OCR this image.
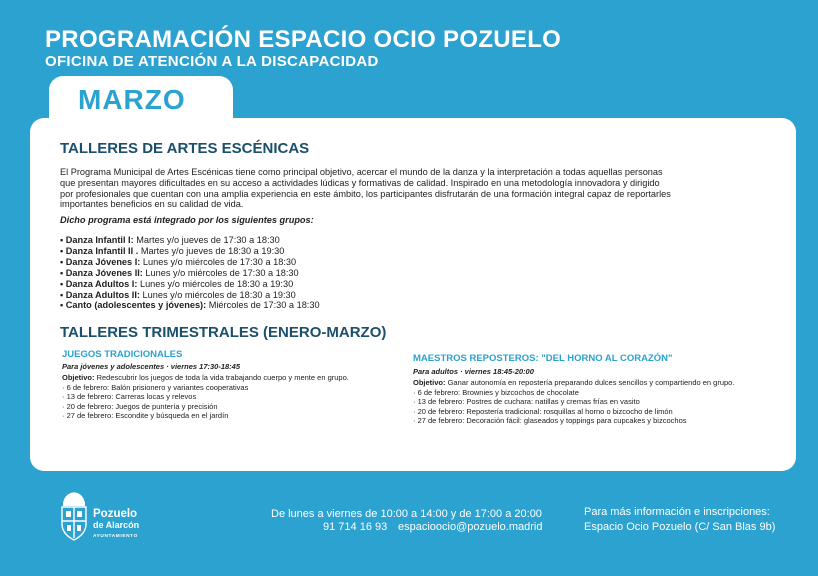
PROGRAMACIÓN ESPACIO OCIO POZUELO
OFICINA DE ATENCIÓN A LA DISCAPACIDAD
TALLERES DE ARTES ESCÉNICAS
El Programa Municipal de Artes Escénicas tiene como principal objetivo, acercar el mundo de la danza y la interpretación a todas aquellas personas
que presentan mayores dificultades en su acceso a actividades lúdicas y formativas de calidad. Inspirado en una metodología innovadora y dirigido
por profesionales que cuentan con una amplia experiencia en este ámbito, los participantes disfrutarán de una formación integral capaz de reportarles
importantes beneficios en su calidad de vida.
Dicho programa está integrado por los siguientes grupos:
• Danza Infantil I: Martes y/o jueves de 17:30 a 18:30
• Danza Infantil II . Martes y/o jueves de 18:30 a 19:30
• Danza Jóvenes I: Lunes y/o miércoles de 17:30 a 18:30
• Danza Jóvenes II: Lunes y/o miércoles de 17:30 a 18:30
• Danza Adultos I: Lunes y/o miércoles de 18:30 a 19:30
• Danza Adultos II: Lunes y/o miércoles de 18:30 a 19:30
• Canto (adolescentes y jóvenes): Miércoles de 17:30 a 18:30
TALLERES TRIMESTRALES (ENERO-MARZO)
JUEGOS TRADICIONALES
Para jóvenes y adolescentes · viernes 17:30-18:45
Objetivo: Redescubrir los juegos de toda la vida trabajando cuerpo y mente en grupo.
· 6 de febrero: Balón prisionero y variantes cooperativas
· 13 de febrero: Carreras locas y relevos
· 20 de febrero: Juegos de puntería y precisión
· 27 de febrero: Escondite y búsqueda en el jardín
MAESTROS REPOSTEROS: "DEL HORNO AL CORAZÓN"
Para adultos · viernes 18:45-20:00
Objetivo: Ganar autonomía en repostería preparando dulces sencillos y compartiendo en grupo.
· 6 de febrero: Brownies y bizcochos de chocolate
· 13 de febrero: Postres de cuchara: natillas y cremas frías en vasito
· 20 de febrero: Repostería tradicional: rosquillas al horno o bizcocho de limón
· 27 de febrero: Decoración fácil: glaseados y toppings para cupcakes y bizcochos
MARZO
Pozuelo
de Alarcón
AYUNTAMIENTO
De lunes a viernes de 10:00 a 14:00 y de 17:00 a 20:00
91 714 16 93 espacioocio@pozuelo.madrid
Para más información e inscripciones:
Espacio Ocio Pozuelo (C/ San Blas 9b)
